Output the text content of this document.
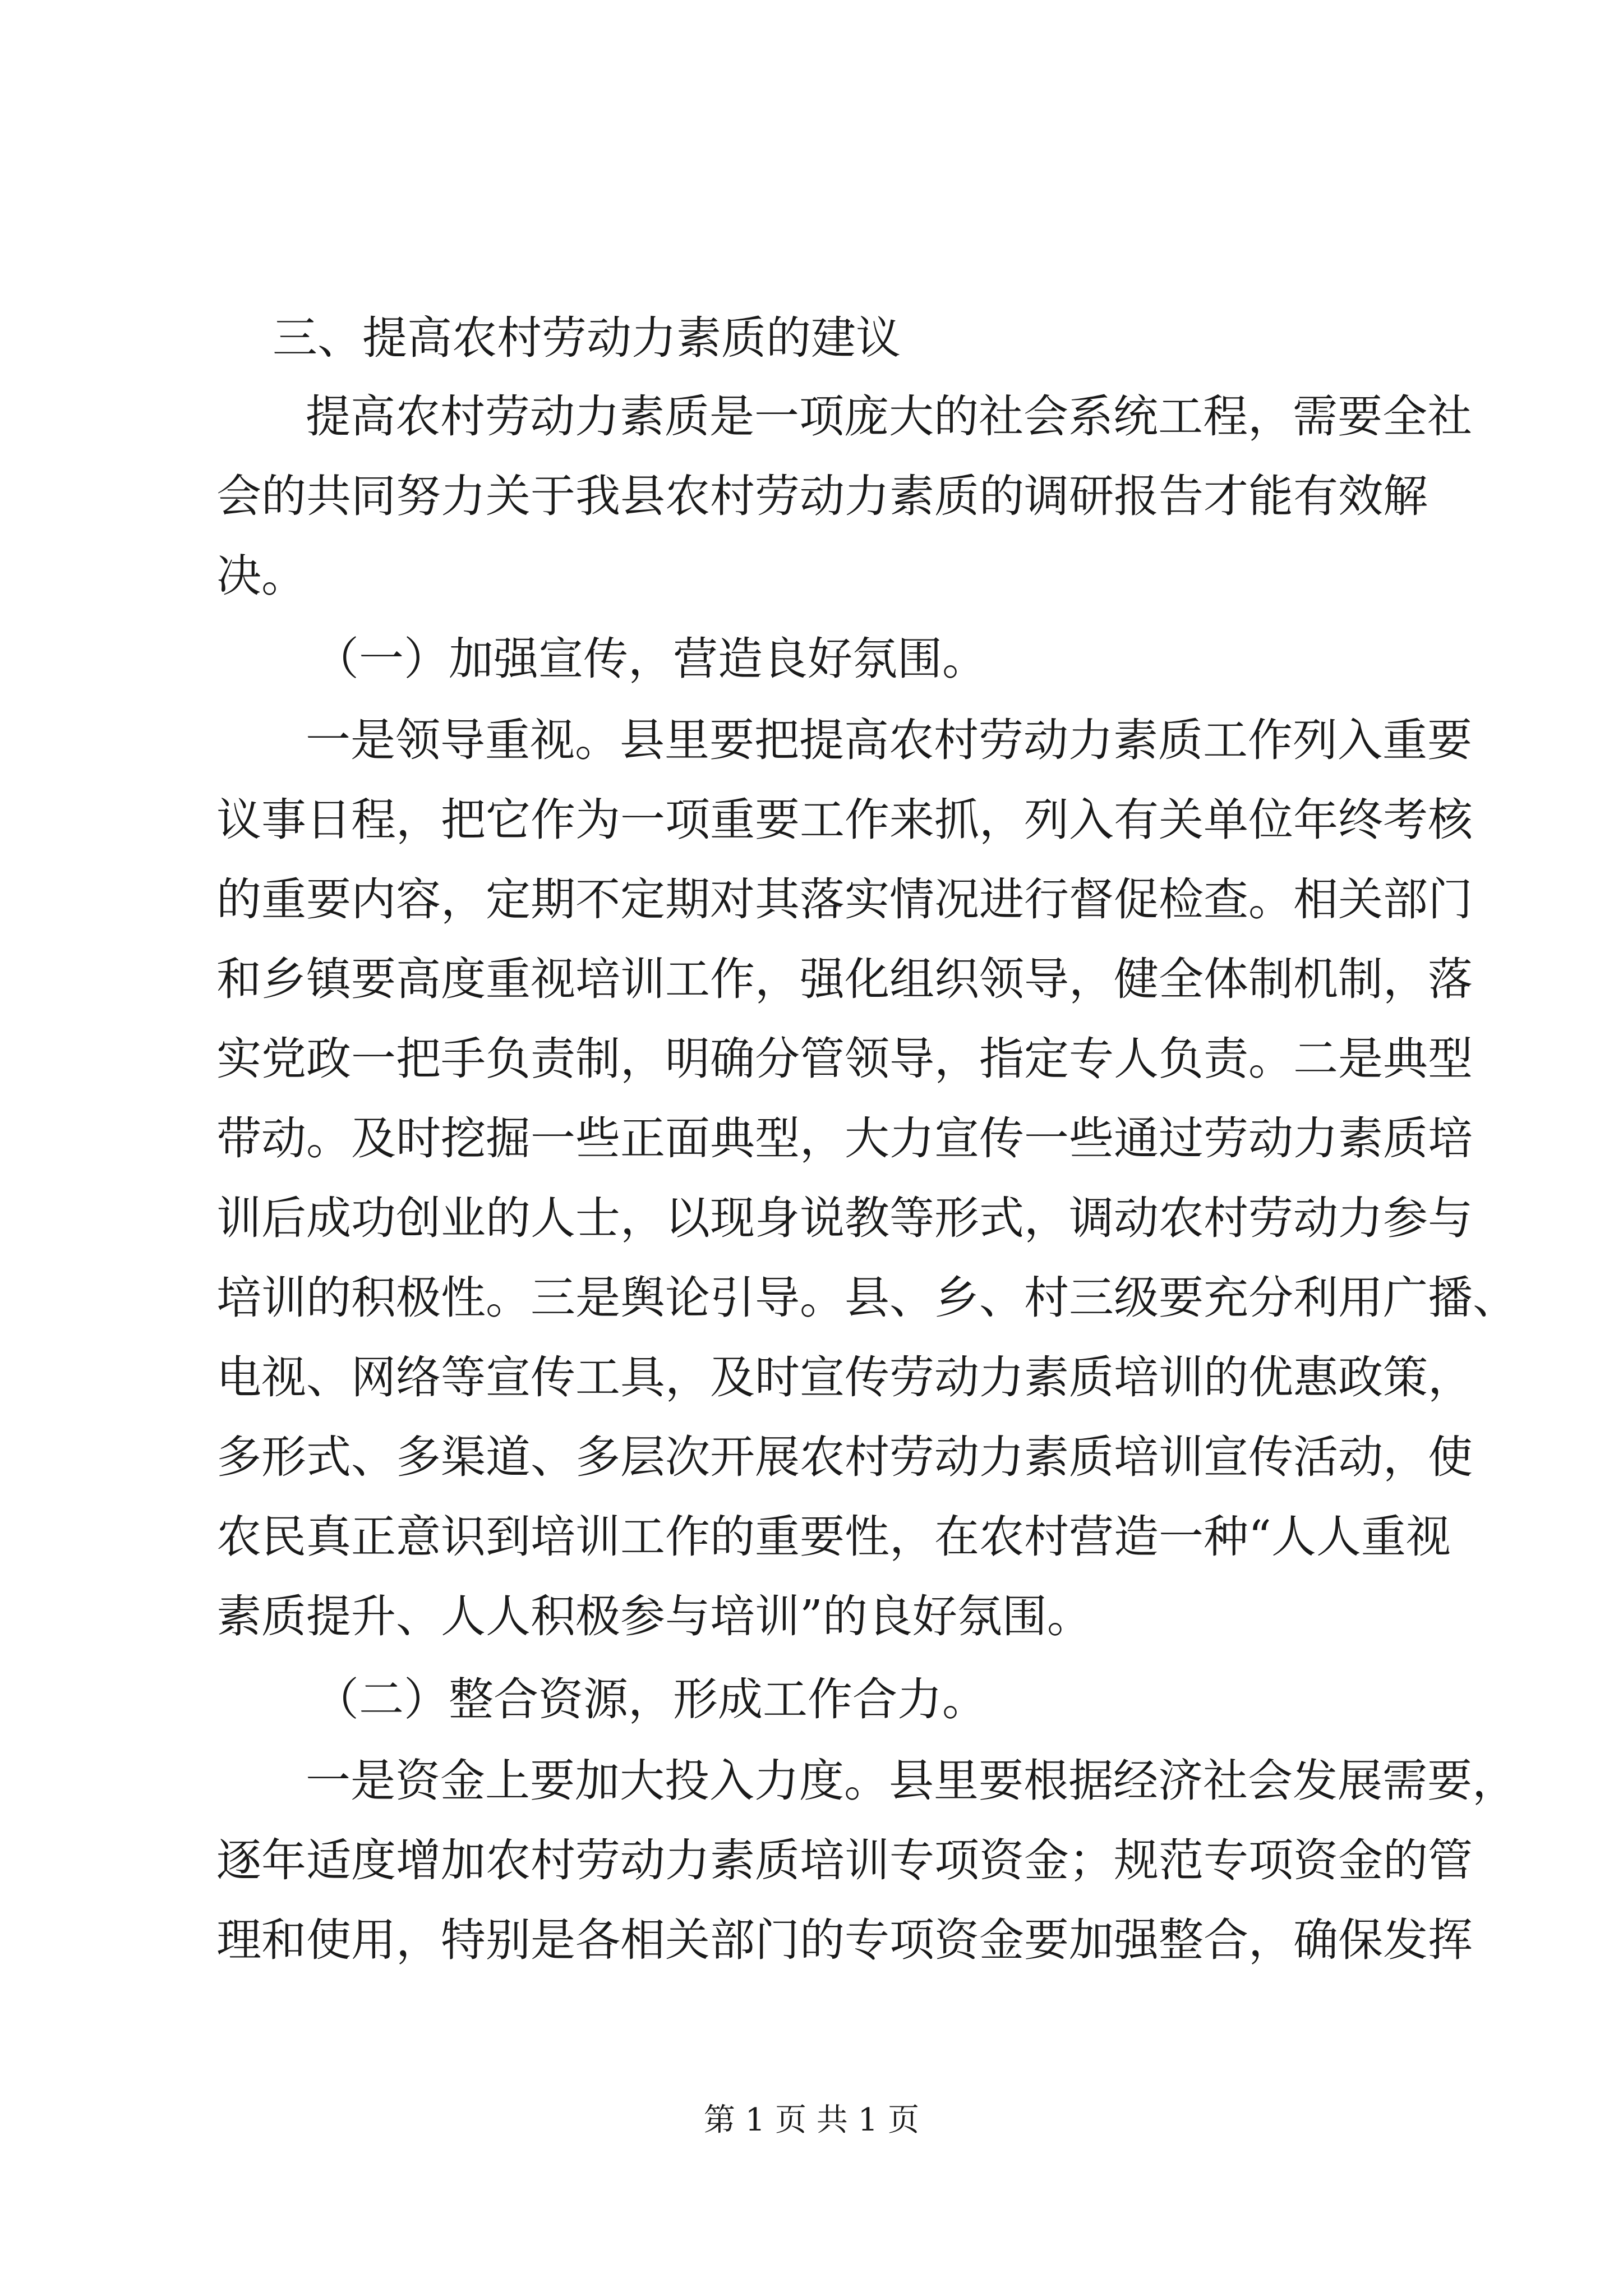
三、提高农村劳动力素质的建议
提高农村劳动力素质是一项庞大的社会系统工程，需要全社
会的共同努力关于我县农村劳动力素质的调研报告才能有效解
决。
（一）加强宣传，营造良好氛围。
一是领导重视。县里要把提高农村劳动力素质工作列入重要
议事日程，把它作为一项重要工作来抓，列入有关单位年终考核
的重要内容，定期不定期对其落实情况进行督促检查。相关部门
和乡镇要高度重视培训工作，强化组织领导，健全体制机制，落
实党政一把手负责制，明确分管领导，指定专人负责。二是典型
带动。及时挖掘一些正面典型，大力宣传一些通过劳动力素质培
训后成功创业的人士，以现身说教等形式，调动农村劳动力参与
培训的积极性。三是舆论引导。县、乡、村三级要充分利用广播、
电视、网络等宣传工具，及时宣传劳动力素质培训的优惠政策，
多形式、多渠道、多层次开展农村劳动力素质培训宣传活动，使
农民真正意识到培训工作的重要性，在农村营造一种“人人重视
素质提升、人人积极参与培训”的良好氛围。
（二）整合资源，形成工作合力。
一是资金上要加大投入力度。县里要根据经济社会发展需要，
逐年适度增加农村劳动力素质培训专项资金；规范专项资金的管
理和使用，特别是各相关部门的专项资金要加强整合，确保发挥
第 1 页 共 1 页
